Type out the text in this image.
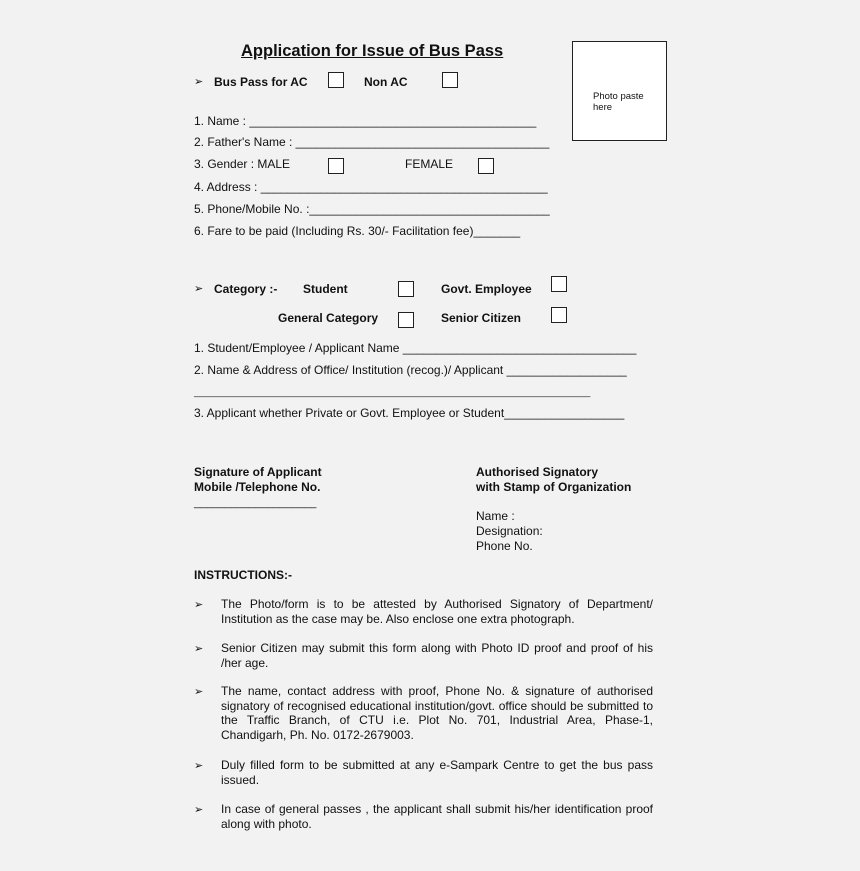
Application for Issue of Bus Pass
Photo paste here
➢ Bus Pass for AC	Non AC
1. Name : ___________________________________________
2. Father's Name : ______________________________________
3. Gender : MALE	FEMALE
4. Address : ___________________________________________
5. Phone/Mobile No. :____________________________________
6. Fare to be paid (Including Rs. 30/- Facilitation fee)_______
➢ Category :- Student	Govt. Employee
General Category	Senior Citizen
1. Student/Employee / Applicant Name ___________________________________
2. Name & Address of Office/ Institution (recog.)/ Applicant __________________
___________________________________________________________________________
3. Applicant whether Private or Govt. Employee or Student__________________
Signature of Applicant
Mobile /Telephone No.
____________________
Authorised Signatory
with Stamp of Organization
Name :
Designation:
Phone No.
INSTRUCTIONS:-
➢ The Photo/form is to be attested by Authorised Signatory of Department/ Institution as the case may be. Also enclose one extra photograph.
➢ Senior Citizen may submit this form along with Photo ID proof and proof of his /her age.
➢ The name, contact address with proof, Phone No. & signature of authorised signatory of recognised educational institution/govt. office should be submitted to the Traffic Branch, of CTU i.e. Plot No. 701, Industrial Area, Phase-1, Chandigarh, Ph. No. 0172-2679003.
➢ Duly filled form to be submitted at any e-Sampark Centre to get the bus pass issued.
➢ In case of general passes , the applicant shall submit his/her identification proof along with photo.
